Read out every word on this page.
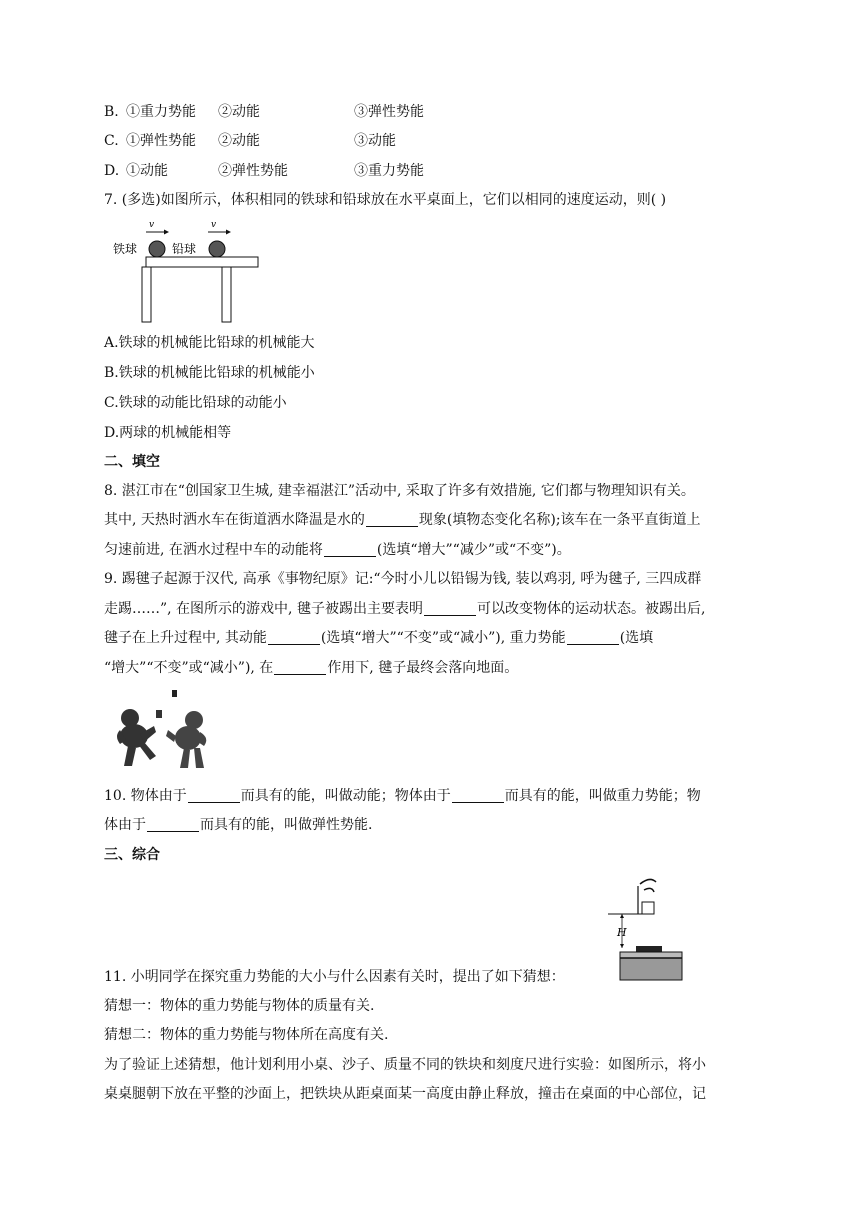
B. ①重力势能 ②动能	③弹性势能
C. ①弹性势能 ②动能	③动能
D. ①动能	②弹性势能	③重力势能
7. (多选)如图所示，体积相同的铁球和铅球放在水平桌面上，它们以相同的速度运动，则( )
铁球	铅球
v	v
A.铁球的机械能比铅球的机械能大
B.铁球的机械能比铅球的机械能小
C.铁球的动能比铅球的动能小
D.两球的机械能相等
二、填空
8. 湛江市在“创国家卫生城, 建幸福湛江”活动中, 采取了许多有效措施, 它们都与物理知识有关。
其中, 天热时洒水车在街道洒水降温是水的	现象(填物态变化名称);该车在一条平直街道上
匀速前进, 在洒水过程中车的动能将	(选填“增大”“减少”或“不变”)。
9. 踢毽子起源于汉代, 高承《事物纪原》记:“今时小儿以铅锡为钱, 装以鸡羽, 呼为毽子, 三四成群
走踢……”, 在图所示的游戏中, 毽子被踢出主要表明	可以改变物体的运动状态。被踢出后,
毽子在上升过程中, 其动能	(选填“增大”“不变”或“减小”), 重力势能	(选填
“增大”“不变”或“减小”), 在	作用下, 毽子最终会落向地面。
10. 物体由于	而具有的能，叫做动能；物体由于	而具有的能，叫做重力势能；物
体由于	而具有的能，叫做弹性势能.
三、综合
H
11. 小明同学在探究重力势能的大小与什么因素有关时，提出了如下猜想：
猜想一：物体的重力势能与物体的质量有关.
猜想二：物体的重力势能与物体所在高度有关.
为了验证上述猜想，他计划利用小桌、沙子、质量不同的铁块和刻度尺进行实验：如图所示，将小
桌桌腿朝下放在平整的沙面上，把铁块从距桌面某一高度由静止释放，撞击在桌面的中心部位，记
